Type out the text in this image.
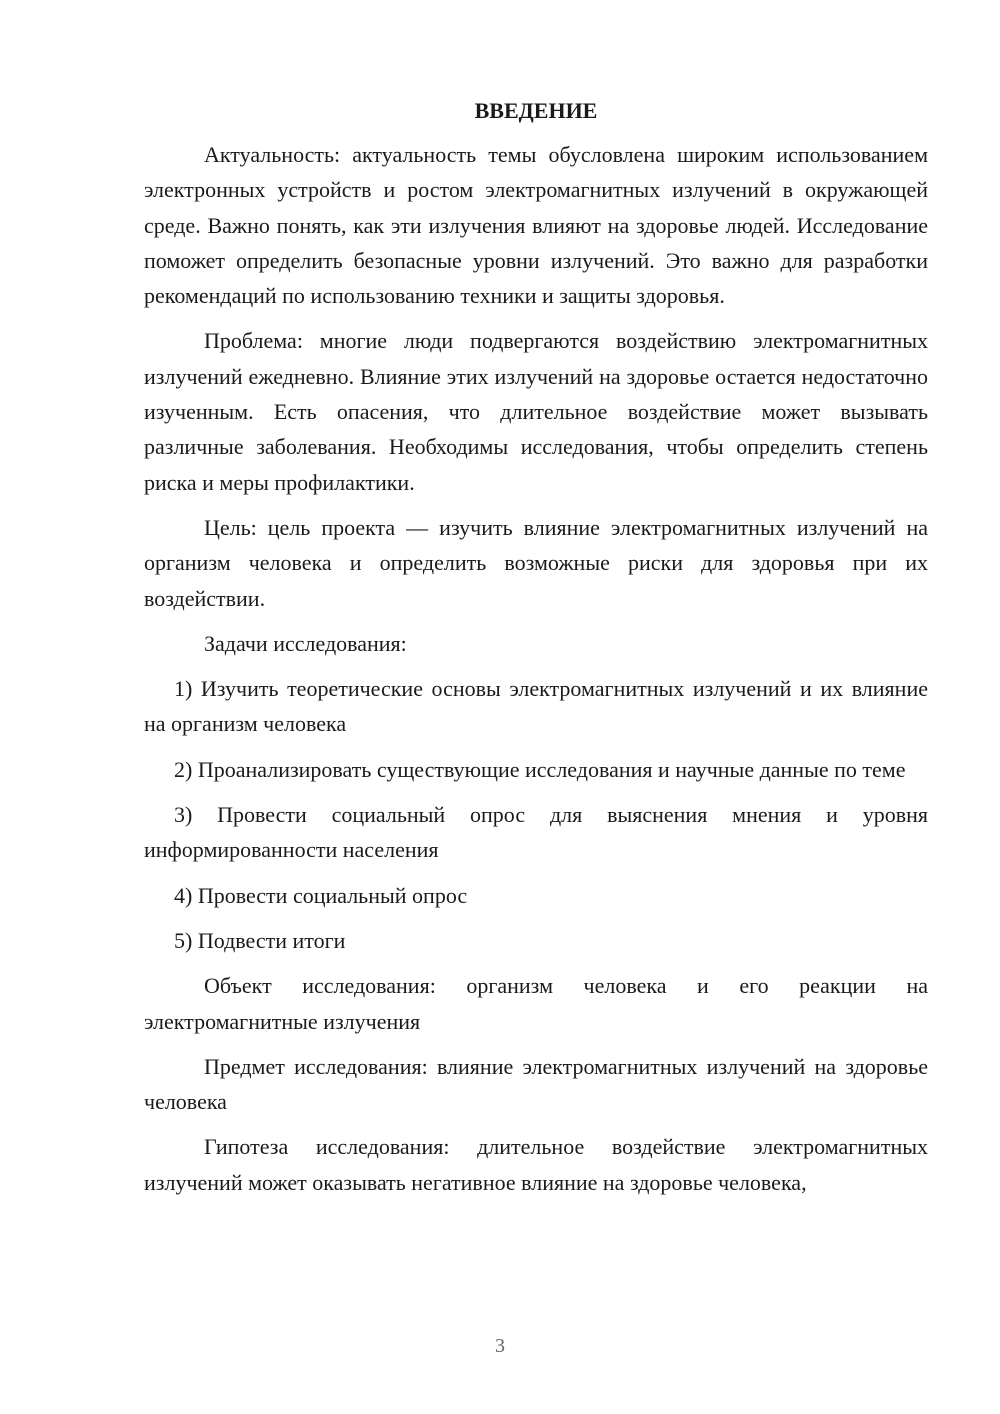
ВВЕДЕНИЕ

Актуальность: актуальность темы обусловлена широким использованием электронных устройств и ростом электромагнитных излучений в окружающей среде. Важно понять, как эти излучения влияют на здоровье людей. Исследование поможет определить безопасные уровни излучений. Это важно для разработки рекомендаций по использованию техники и защиты здоровья.

Проблема: многие люди подвергаются воздействию электромагнитных излучений ежедневно. Влияние этих излучений на здоровье остается недостаточно изученным. Есть опасения, что длительное воздействие может вызывать различные заболевания. Необходимы исследования, чтобы определить степень риска и меры профилактики.

Цель: цель проекта — изучить влияние электромагнитных излучений на организм человека и определить возможные риски для здоровья при их воздействии.

Задачи исследования:

1) Изучить теоретические основы электромагнитных излучений и их влияние на организм человека

2) Проанализировать существующие исследования и научные данные по теме

3) Провести социальный опрос для выяснения мнения и уровня информированности населения

4) Провести социальный опрос

5) Подвести итоги

Объект исследования: организм человека и его реакции на электромагнитные излучения

Предмет исследования: влияние электромагнитных излучений на здоровье человека

Гипотеза исследования: длительное воздействие электромагнитных излучений может оказывать негативное влияние на здоровье человека,

3
